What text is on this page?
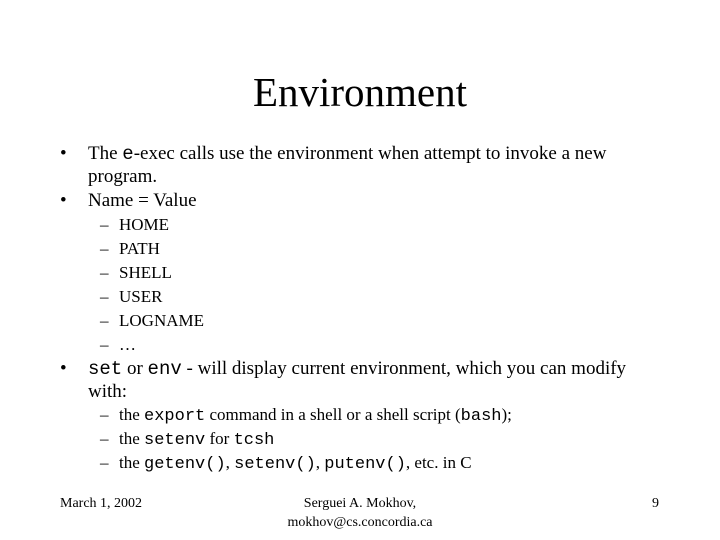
Environment
•	The e-exec calls use the environment when attempt to invoke a new
program.
•	Name = Value
– HOME
– PATH
– SHELL
– USER
– LOGNAME
– …
•	set or env - will display current environment, which you can modify
with:
– the export command in a shell or a shell script (bash);
– the setenv for tcsh
– the getenv(), setenv(), putenv(), etc. in C
March 1, 2002	Serguei A. Mokhov,
mokhov@cs.concordia.ca
9
